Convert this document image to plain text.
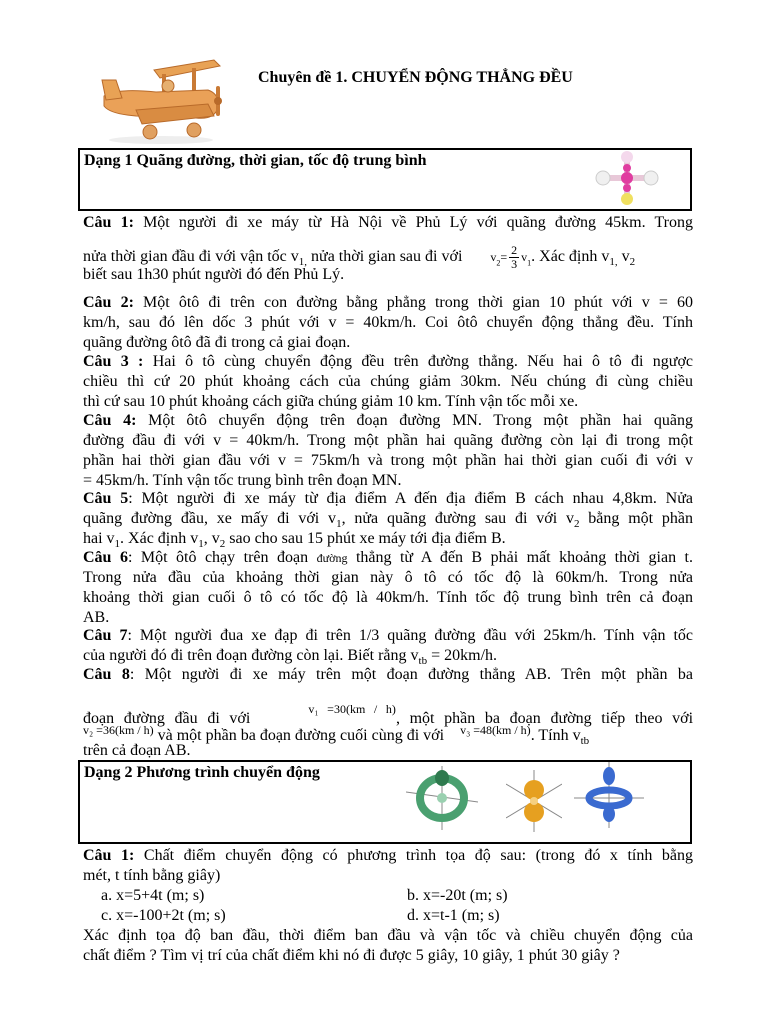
Chuyên đề 1. CHUYỂN ĐỘNG THẲNG ĐỀU
Dạng 1 Quãng đường, thời gian, tốc độ trung bình
Câu 1: Một người đi xe máy từ Hà Nội về Phủ Lý với quãng đường 45km. Trong
nửa thời gian đầu đi với vận tốc $v_{1,}$ nửa thời gian sau đi với $v_2= \frac{2}{3} v_1$. Xác định $v_{1,}$ $v_2$
biết sau 1h30 phút người đó đến Phủ Lý.
Câu 2: Một ôtô đi trên con đường bằng phẳng trong thời gian 10 phút với v = 60
km/h, sau đó lên dốc 3 phút với v = 40km/h. Coi ôtô chuyển động thẳng đều. Tính
quãng đường ôtô đã đi trong cả giai đoạn.
Câu 3 : Hai ô tô cùng chuyển động đều trên đường thẳng. Nếu hai ô tô đi ngược
chiều thì cứ 20 phút khoảng cách của chúng giảm 30km. Nếu chúng đi cùng chiều
thì cứ sau 10 phút khoảng cách giữa chúng giảm 10 km. Tính vận tốc mỗi xe.
Câu 4: Một ôtô chuyển động trên đoạn đường MN. Trong một phần hai quãng
đường đầu đi với v = 40km/h. Trong một phần hai quãng đường còn lại đi trong một
phần hai thời gian đầu với v = 75km/h và trong một phần hai thời gian cuối đi với v
= 45km/h. Tính vận tốc trung bình trên đoạn MN.
Câu 5: Một người đi xe máy từ địa điểm A đến địa điểm B cách nhau 4,8km. Nửa
quãng đường đầu, xe mấy đi với $v_1$, nửa quãng đường sau đi với $v_2$ bằng một phần
hai $v_1$. Xác định $v_1$, $v_2$ sao cho sau 15 phút xe máy tới địa điểm B.
Câu 6: Một ôtô chạy trên đoạn đường thẳng từ A đến B phải mất khoảng thời gian t.
Trong nửa đầu của khoảng thời gian này ô tô có tốc độ là 60km/h. Trong nửa
khoảng thời gian cuối ô tô có tốc độ là 40km/h. Tính tốc độ trung bình trên cả đoạn
AB.
Câu 7: Một người đua xe đạp đi trên 1/3 quãng đường đầu với 25km/h. Tính vận tốc
của người đó đi trên đoạn đường còn lại. Biết rằng $v_{tb} = 20km/h$.
Câu 8: Một người đi xe máy trên một đoạn đường thẳng AB. Trên một phần ba
đoạn đường đầu đi với      $^{v_1 =30(km / h)}$, một phần ba đoạn đường tiếp theo với
$^{v_2 =36(km / h)}$ và một phần ba đoạn đường cuối cùng đi với $^{v_3 =48(km / h)}$. Tính $v_{tb}$
trên cả đoạn AB.
Dạng 2 Phương trình chuyển động
Câu 1: Chất điểm chuyển động có phương trình tọa độ sau: (trong đó x tính bằng
mét, t tính bằng giây)
a. x=5+4t (m; s)	b. x=-20t (m; s)
c. x=-100+2t (m; s)	d. x=t-1 (m; s)
Xác định tọa độ ban đầu, thời điểm ban đầu và vận tốc và chiều chuyển động của
chất điểm ? Tìm vị trí của chất điểm khi nó đi được 5 giây, 10 giây, 1 phút 30 giây ?
